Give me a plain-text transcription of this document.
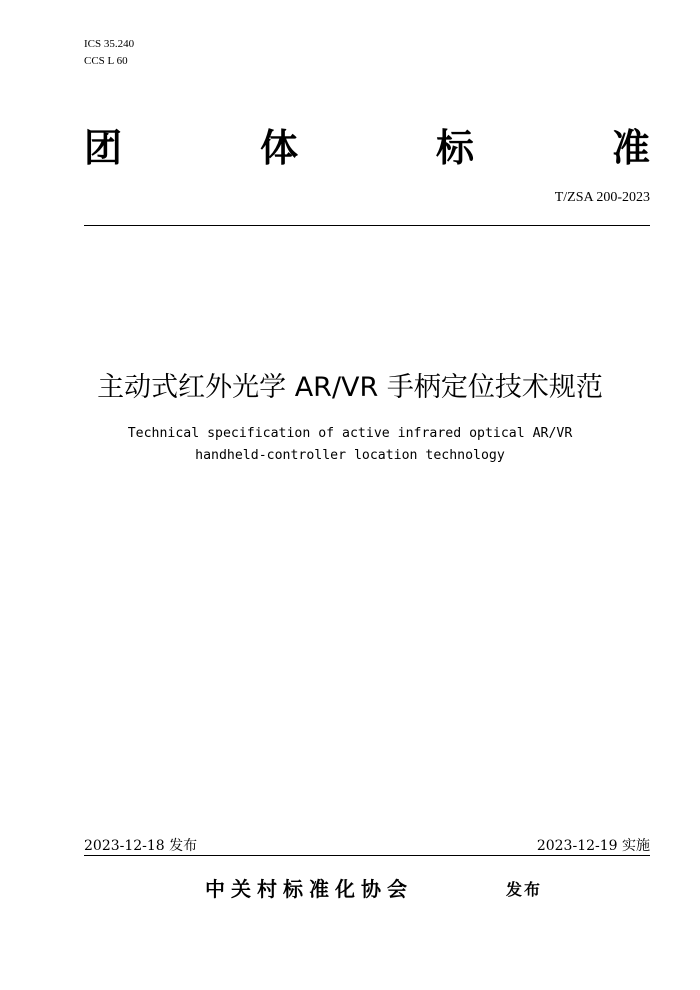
ICS 35.240
CCS L 60
团	体	标	准
T/ZSA 200-2023
主动式红外光学 AR/VR 手柄定位技术规范
Technical specification of active infrared optical AR/VR
handheld-controller location technology
2023-12-18 发布	2023-12-19 实施
中关村标准化协会	发布
